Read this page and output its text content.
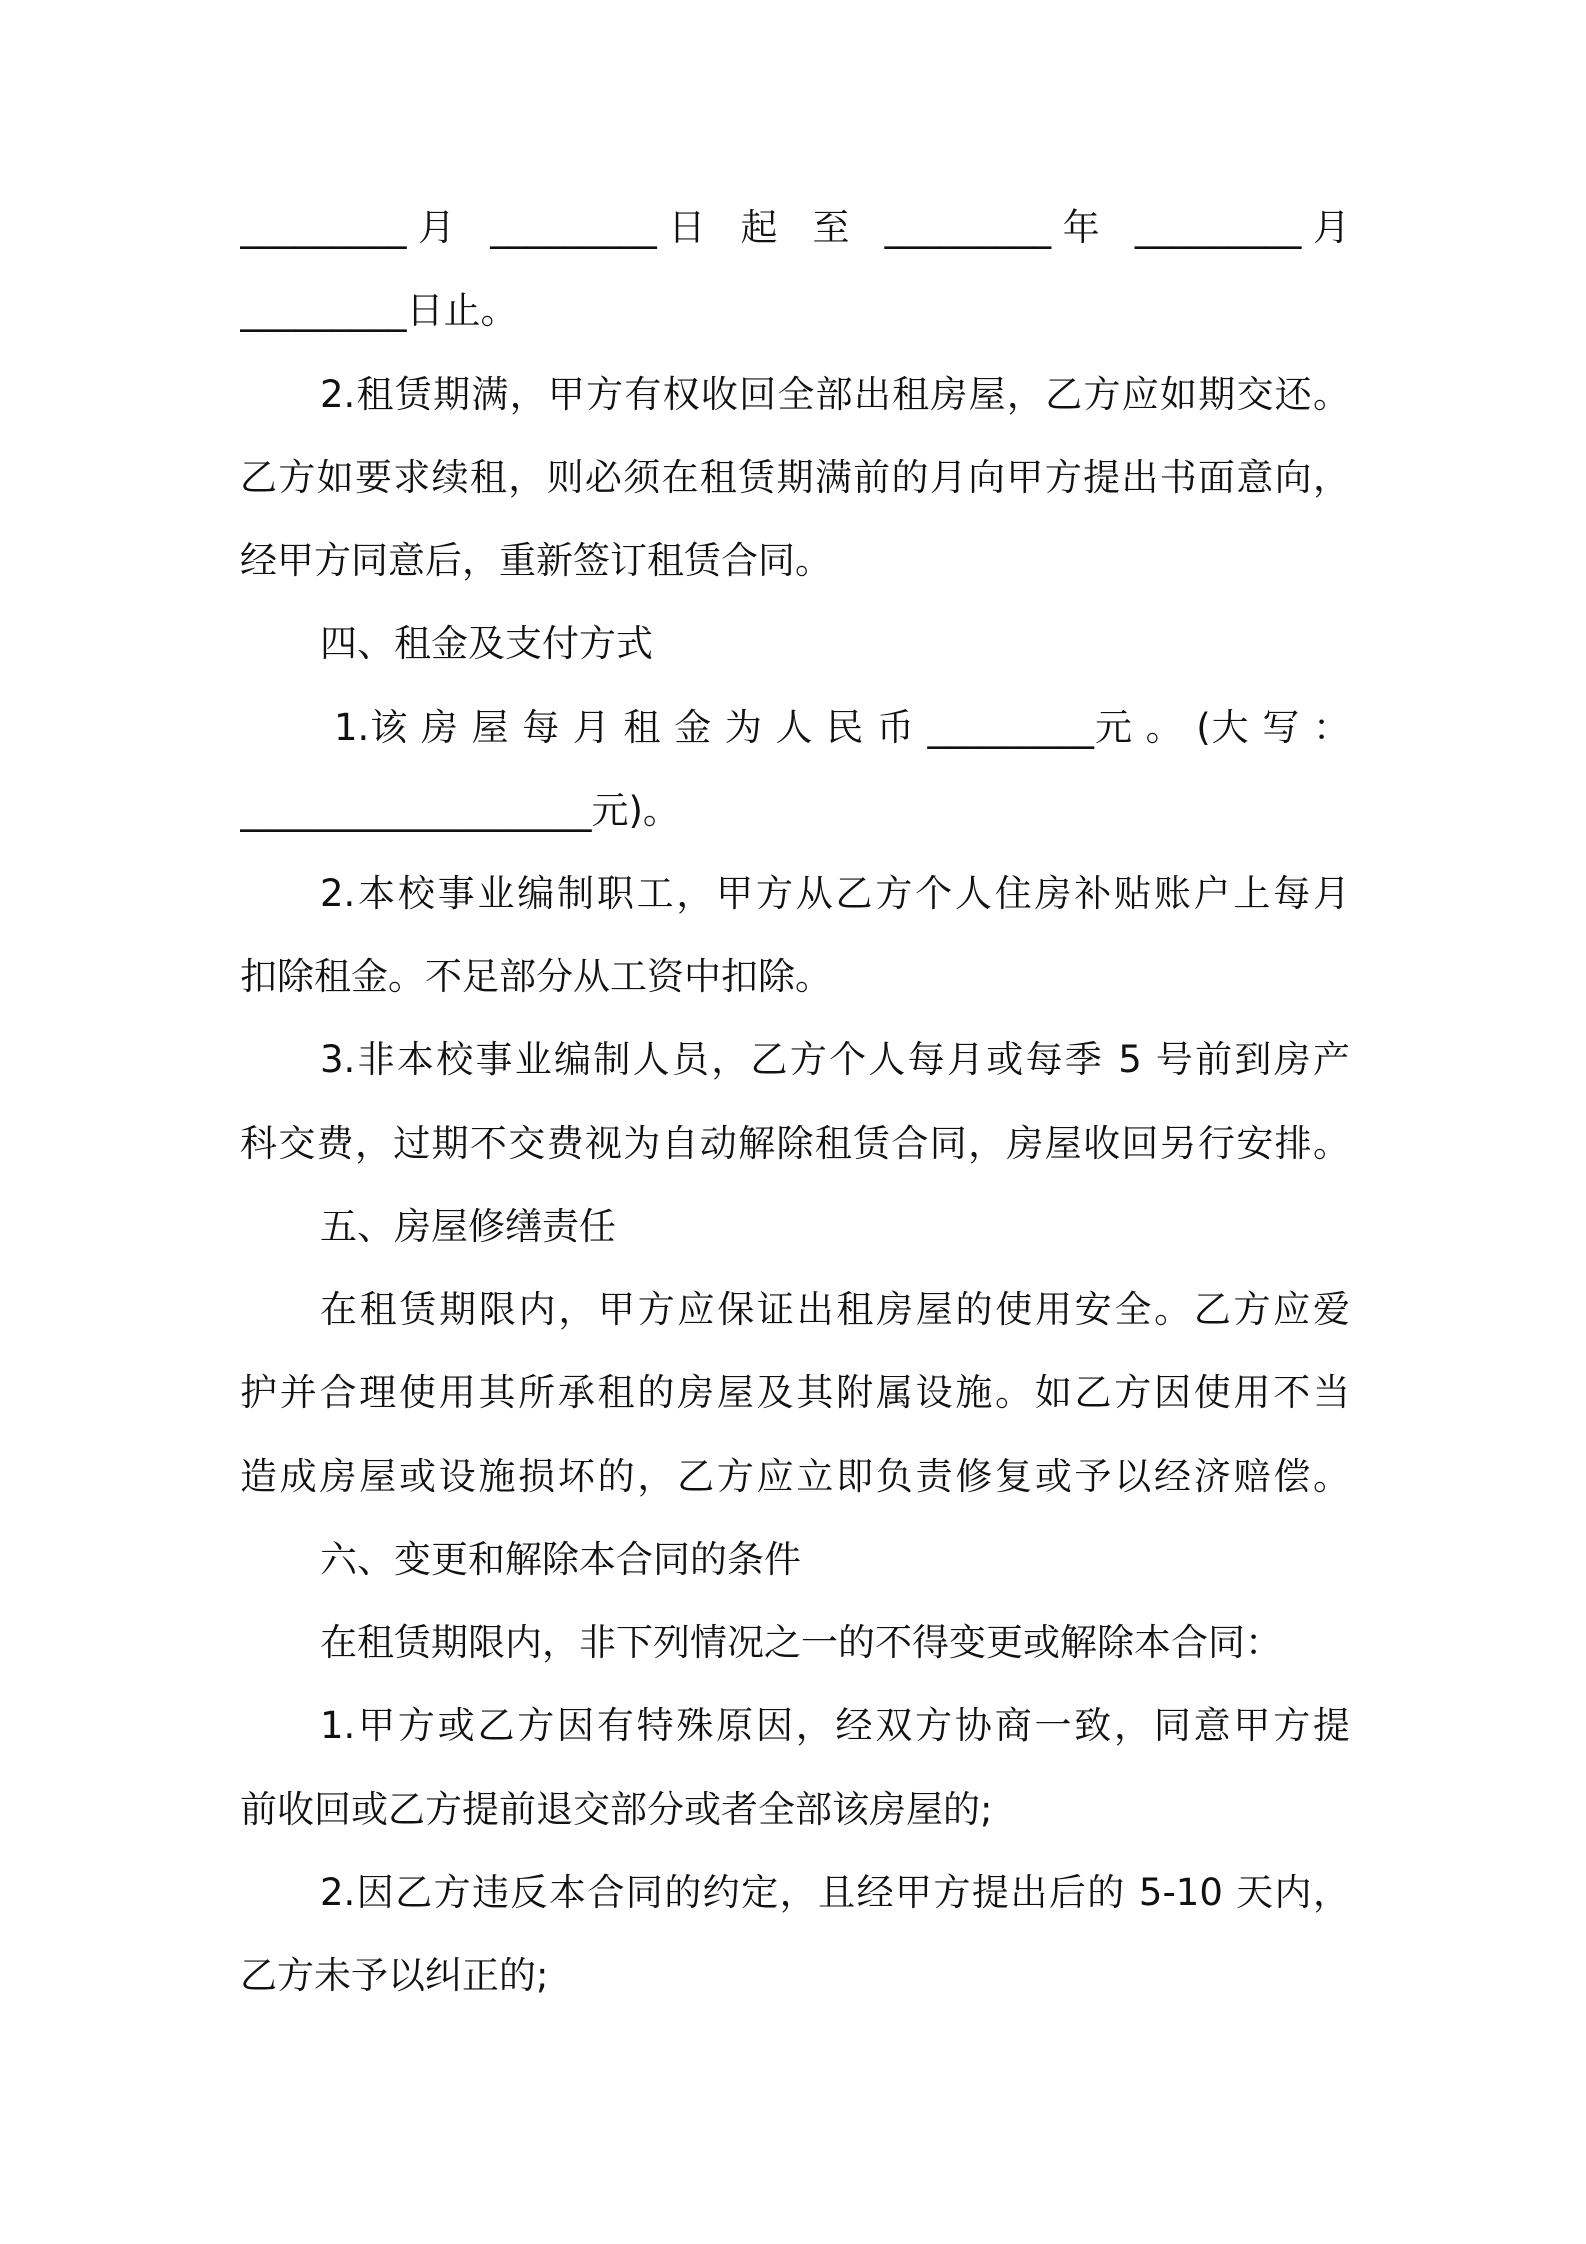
_________月 _________日 起 至 _________年 _________月
_________日止。
2.租赁期满，甲方有权收回全部出租房屋，乙方应如期交还。
乙方如要求续租，则必须在租赁期满前的月向甲方提出书面意向，
经甲方同意后，重新签订租赁合同。
四、租金及支付方式
1.该 房 屋 每 月 租 金 为 人 民 币 _________元 。 (大 写 ：
___________________元)。
2.本校事业编制职工，甲方从乙方个人住房补贴账户上每月
扣除租金。不足部分从工资中扣除。
3.非本校事业编制人员，乙方个人每月或每季 5 号前到房产
科交费，过期不交费视为自动解除租赁合同，房屋收回另行安排。
五、房屋修缮责任
在租赁期限内，甲方应保证出租房屋的使用安全。乙方应爱
护并合理使用其所承租的房屋及其附属设施。如乙方因使用不当
造成房屋或设施损坏的，乙方应立即负责修复或予以经济赔偿。
六、变更和解除本合同的条件
在租赁期限内，非下列情况之一的不得变更或解除本合同：
1.甲方或乙方因有特殊原因，经双方协商一致，同意甲方提
前收回或乙方提前退交部分或者全部该房屋的;
2.因乙方违反本合同的约定，且经甲方提出后的 5-10 天内，
乙方未予以纠正的;
